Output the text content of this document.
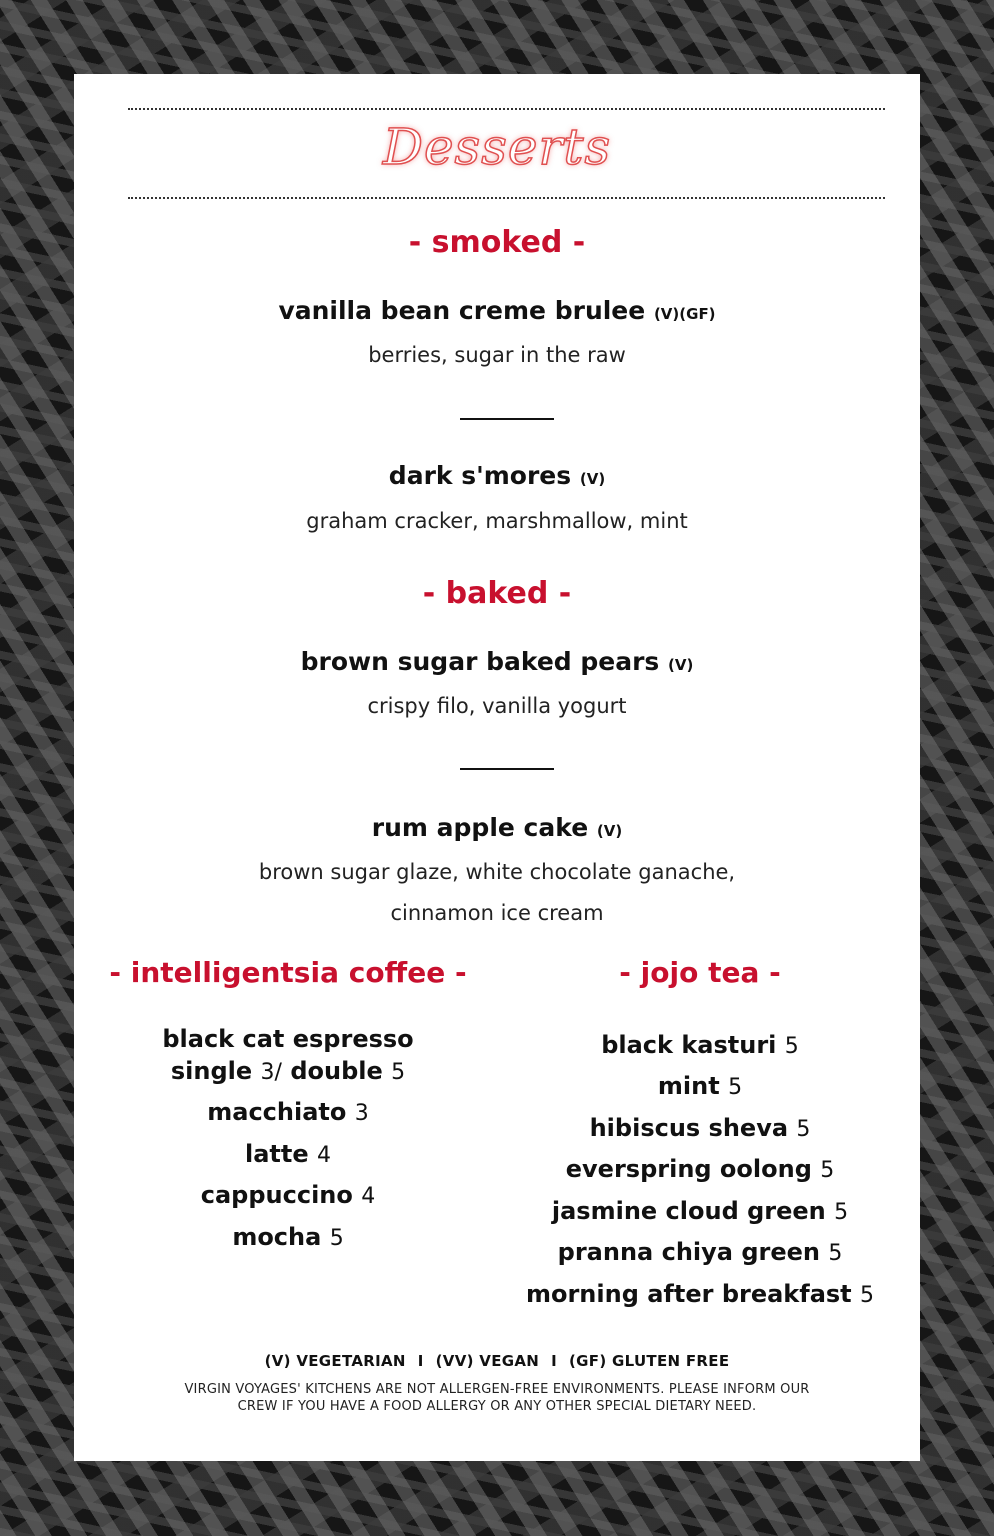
Desserts
- smoked -
vanilla bean creme brulee (V)(GF)
berries, sugar in the raw
dark s'mores (V)
graham cracker, marshmallow, mint
- baked -
brown sugar baked pears (V)
crispy filo, vanilla yogurt
rum apple cake (V)
brown sugar glaze, white chocolate ganache,
cinnamon ice cream
- intelligentsia coffee -
black cat espresso
single 3/ double 5
macchiato 3
latte 4
cappuccino 4
mocha 5
- jojo tea -
black kasturi 5
mint 5
hibiscus sheva 5
everspring oolong 5
jasmine cloud green 5
pranna chiya green 5
morning after breakfast 5
(V) VEGETARIAN I (VV) VEGAN I (GF) GLUTEN FREE
VIRGIN VOYAGES' KITCHENS ARE NOT ALLERGEN-FREE ENVIRONMENTS. PLEASE INFORM OUR
CREW IF YOU HAVE A FOOD ALLERGY OR ANY OTHER SPECIAL DIETARY NEED.
